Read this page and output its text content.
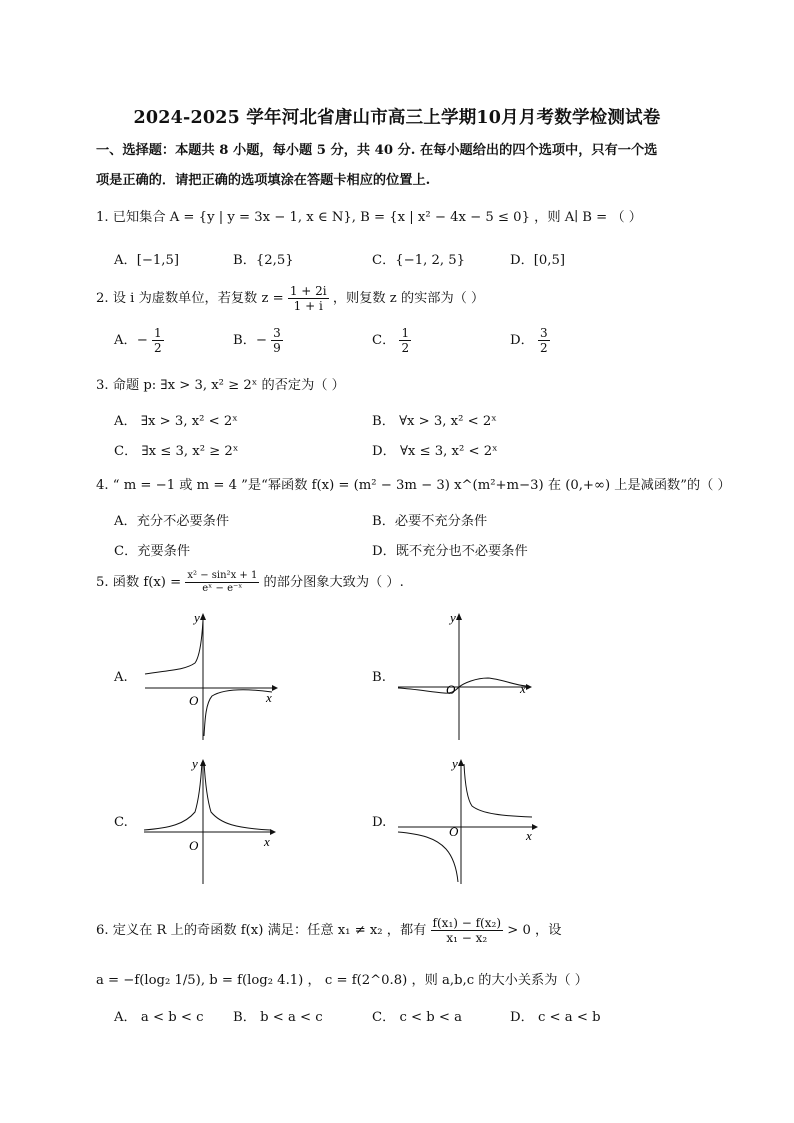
2024-2025 学年河北省唐山市高三上学期10月月考数学检测试卷
一、选择题：本题共 8 小题，每小题 5 分，共 40 分. 在每小题给出的四个选项中，只有一个选
项是正确的．请把正确的选项填涂在答题卡相应的位置上.
1. 已知集合 A = {y | y = 3x − 1, x ∈ N}, B = {x | x² − 4x − 5 ≤ 0} ，则 A∣ B = （ ）
A．[−1,5]	B．{2,5}	C．{−1, 2, 5}	D．[0,5]
2. 设 i 为虚数单位，若复数 $z = \frac{1 + 2i}{1 + i}$ ，则复数 z 的实部为（ ）
A．− $\frac{1}{2}$	B．− $\frac{3}{9}$	C． $\frac{1}{2}$	D． $\frac{3}{2}$
3. 命题 p: ∃x > 3, x² ≥ 2ˣ 的否定为（ ）
A． ∃x > 3, x² < 2ˣ	B． ∀x > 3, x² < 2ˣ
C． ∃x ≤ 3, x² ≥ 2ˣ	D． ∀x ≤ 3, x² < 2ˣ
4. “ m = −1 或 m = 4 ”是“幂函数 f(x) = (m² − 3m − 3) x^(m²+m−3) 在 (0,+∞) 上是减函数”的（ ）
A．充分不必要条件	B．必要不充分条件
C．充要条件	D．既不充分也不必要条件
5. 函数 $f(x) = \frac{\text{x² − sin²x + 1}}{\text{eˣ − e⁻ˣ}}$ 的部分图象大致为（ ）.
A.
O	x
y
B.
O	x
y
C.
O	x
y
D.
O	x
y
6. 定义在 R 上的奇函数 f(x) 满足：任意 x₁ ≠ x₂ ，都有 $\frac{\text{f(x₁) − f(x₂)}}{\text{x₁ − x₂}} > 0$ ，设
a = −f(log₂ 1/5), b = f(log₂ 4.1) ， c = f(2^0.8) ，则 a,b,c 的大小关系为（ ）
A． a < b < c B． b < a < c	C． c < b < a	D． c < a < b
